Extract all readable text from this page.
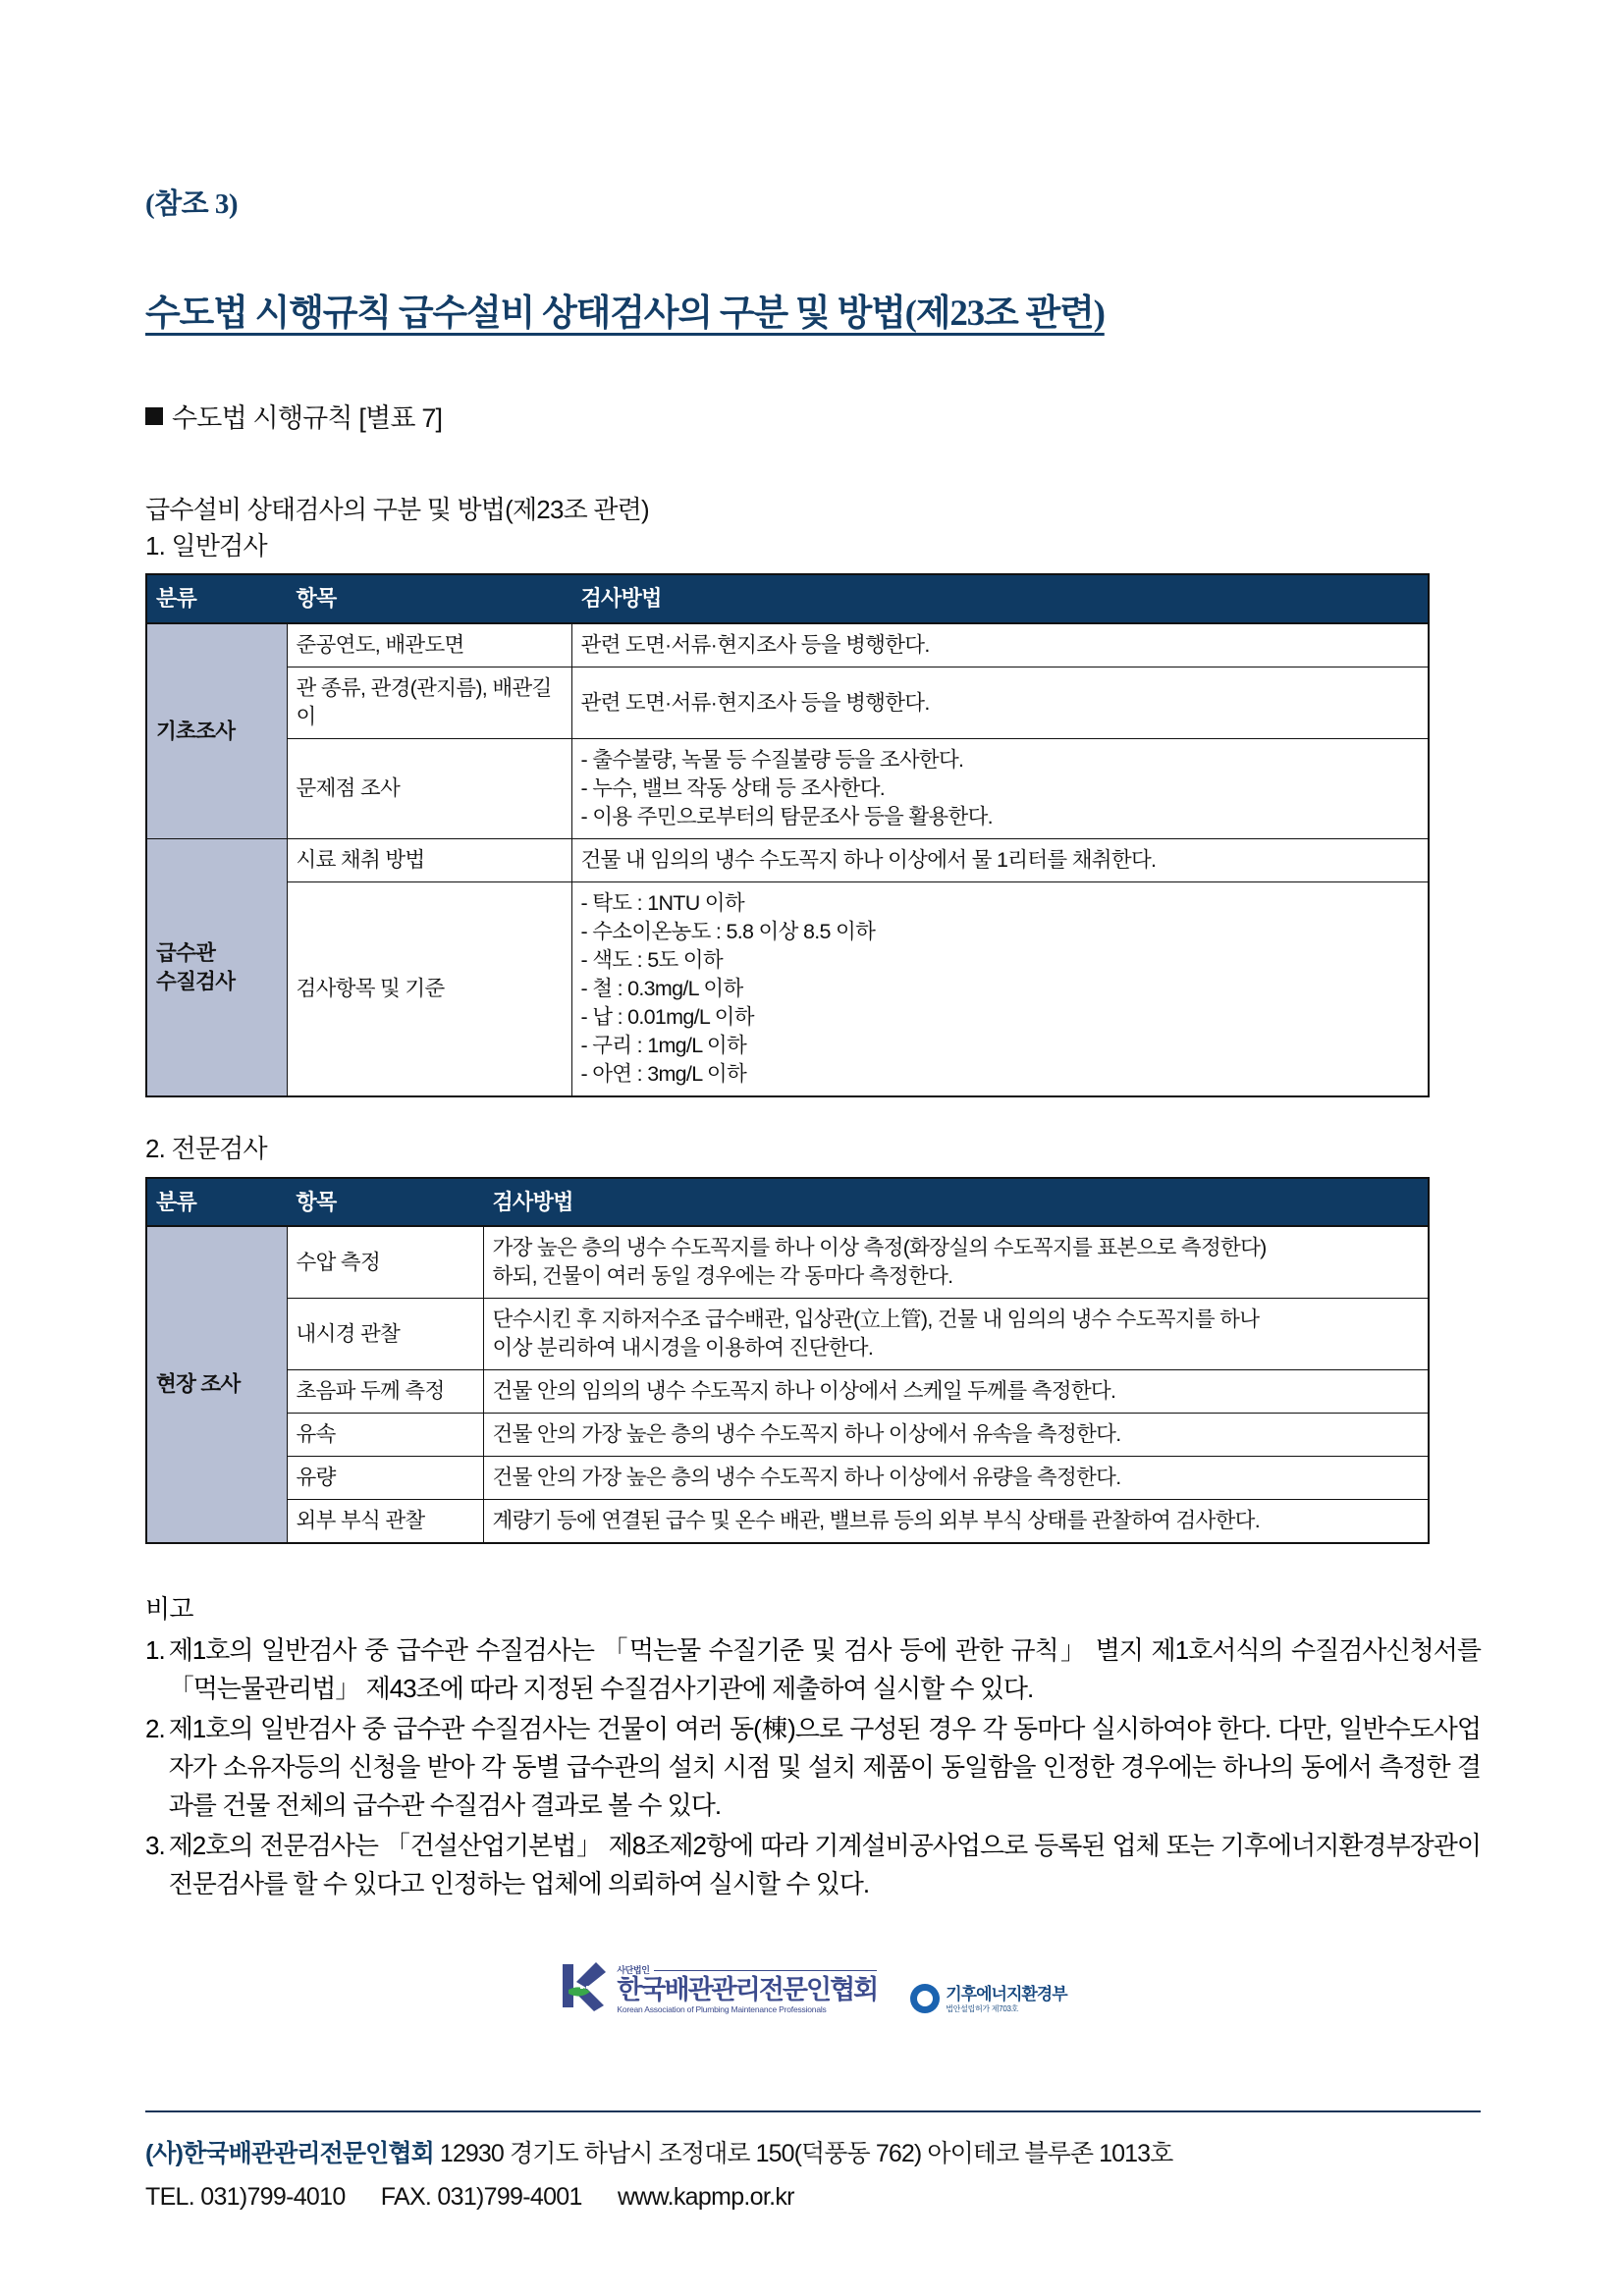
(참조 3)
수도법 시행규칙 급수설비 상태검사의 구분 및 방법(제23조 관련)
수도법 시행규칙 [별표 7]
급수설비 상태검사의 구분 및 방법(제23조 관련)
1. 일반검사
분류	항목	검사방법
기초조사	준공연도, 배관도면	관련 도면·서류·현지조사 등을 병행한다.
	관 종류, 관경(관지름), 배관길이	관련 도면·서류·현지조사 등을 병행한다.
	문제점 조사	- 출수불량, 녹물 등 수질불량 등을 조사한다.
- 누수, 밸브 작동 상태 등 조사한다.
- 이용 주민으로부터의 탐문조사 등을 활용한다.
급수관
수질검사	시료 채취 방법	건물 내 임의의 냉수 수도꼭지 하나 이상에서 물 1리터를 채취한다.
검사항목 및 기준	- 탁도 : 1NTU 이하
- 수소이온농도 : 5.8 이상 8.5 이하
- 색도 : 5도 이하
- 철 : 0.3mg/L 이하
- 납 : 0.01mg/L 이하
- 구리 : 1mg/L 이하
- 아연 : 3mg/L 이하
2. 전문검사
분류	항목	검사방법
현장 조사	수압 측정	가장 높은 층의 냉수 수도꼭지를 하나 이상 측정(화장실의 수도꼭지를 표본으로 측정한다)
하되, 건물이 여러 동일 경우에는 각 동마다 측정한다.
	내시경 관찰	단수시킨 후 지하저수조 급수배관, 입상관(立上管), 건물 내 임의의 냉수 수도꼭지를 하나
이상 분리하여 내시경을 이용하여 진단한다.
	초음파 두께 측정	건물 안의 임의의 냉수 수도꼭지 하나 이상에서 스케일 두께를 측정한다.
	유속	건물 안의 가장 높은 층의 냉수 수도꼭지 하나 이상에서 유속을 측정한다.
	유량	건물 안의 가장 높은 층의 냉수 수도꼭지 하나 이상에서 유량을 측정한다.
	외부 부식 관찰	계량기 등에 연결된 급수 및 온수 배관, 밸브류 등의 외부 부식 상태를 관찰하여 검사한다.
비고
1. 제1호의 일반검사 중 급수관 수질검사는 「먹는물 수질기준 및 검사 등에 관한 규칙」 별지 제1호서식의 수질검사신청서를 「먹는물관리법」 제43조에 따라 지정된 수질검사기관에 제출하여 실시할 수 있다.
2. 제1호의 일반검사 중 급수관 수질검사는 건물이 여러 동(棟)으로 구성된 경우 각 동마다 실시하여야 한다. 다만, 일반수도사업자가 소유자등의 신청을 받아 각 동별 급수관의 설치 시점 및 설치 제품이 동일함을 인정한 경우에는 하나의 동에서 측정한 결과를 건물 전체의 급수관 수질검사 결과로 볼 수 있다.
3. 제2호의 전문검사는 「건설산업기본법」 제8조제2항에 따라 기계설비공사업으로 등록된 업체 또는 기후에너지환경부장관이 전문검사를 할 수 있다고 인정하는 업체에 의뢰하여 실시할 수 있다.
사단법인
한국배관관리전문인협회
Korean Association of Plumbing Maintenance Professionals
기후에너지환경부
법안설립허가 제703호
(사)한국배관관리전문인협회 12930 경기도 하남시 조정대로 150(덕풍동 762) 아이테코 블루존 1013호
TEL. 031)799-4010 FAX. 031)799-4001 www.kapmp.or.kr
